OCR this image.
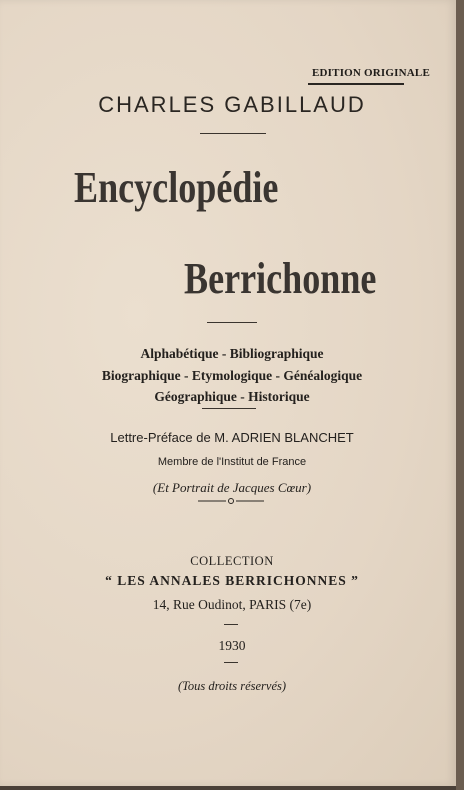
EDITION ORIGINALE
CHARLES GABILLAUD
Encyclopédie
Berrichonne
Alphabétique - Bibliographique
Biographique - Etymologique - Généalogique
Géographique - Historique
Lettre-Préface de M. ADRIEN BLANCHET
Membre de l'Institut de France
(Et Portrait de Jacques Cœur)
COLLECTION
“ LES ANNALES BERRICHONNES ”
14, Rue Oudinot, PARIS (7e)
1930
(Tous droits réservés)
